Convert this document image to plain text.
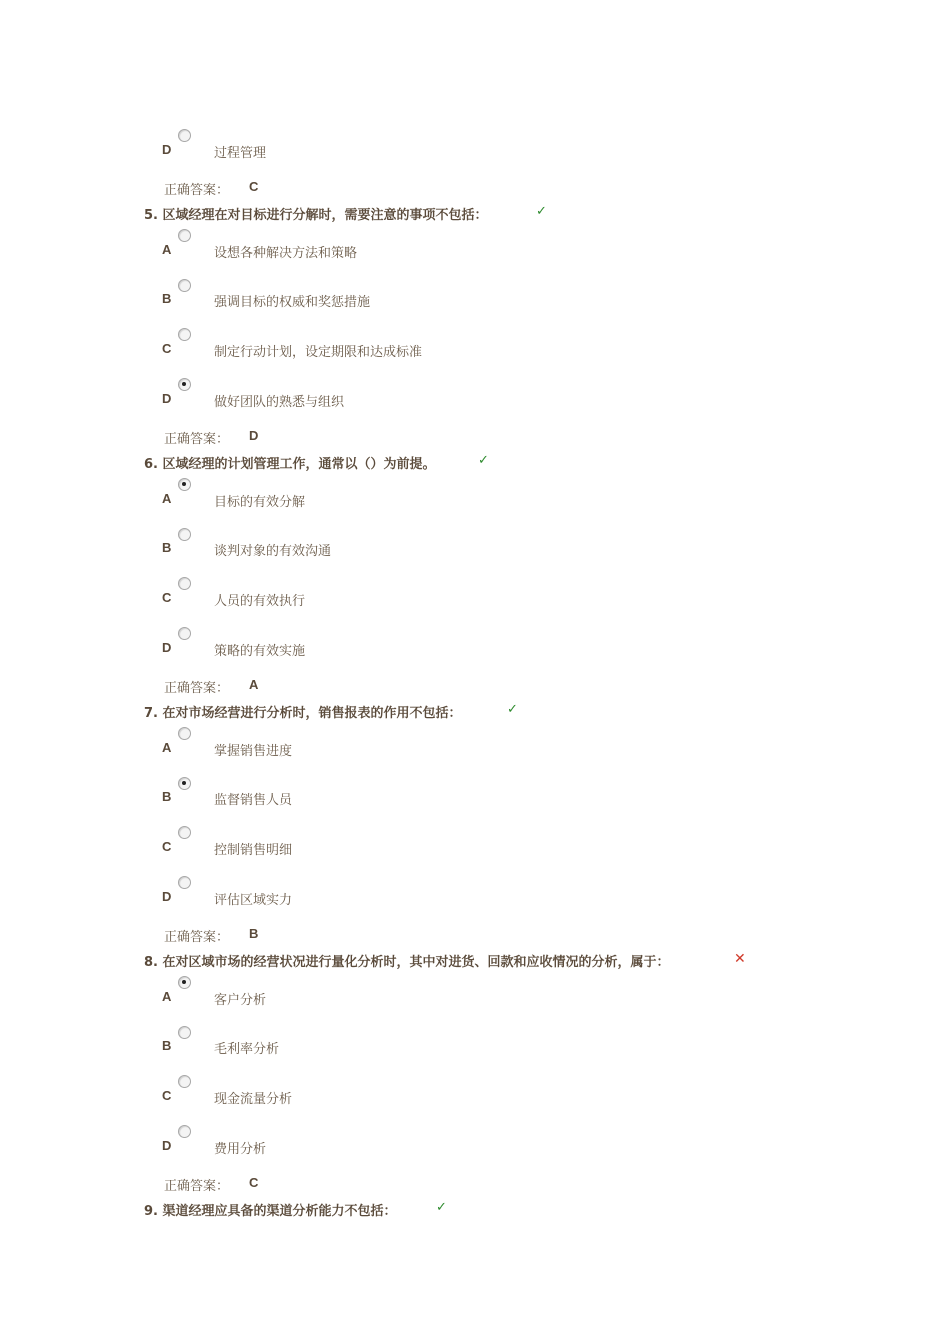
D	过程管理
正确答案： C
5. 区域经理在对目标进行分解时，需要注意的事项不包括：	✓
A	设想各种解决方法和策略
B	强调目标的权威和奖惩措施
C	制定行动计划，设定期限和达成标准
D	做好团队的熟悉与组织
正确答案： D
6. 区域经理的计划管理工作，通常以（）为前提。	✓
A	目标的有效分解
B	谈判对象的有效沟通
C	人员的有效执行
D	策略的有效实施
正确答案： A
7. 在对市场经营进行分析时，销售报表的作用不包括：	✓
A	掌握销售进度
B	监督销售人员
C	控制销售明细
D	评估区域实力
正确答案： B
8. 在对区域市场的经营状况进行量化分析时，其中对进货、回款和应收情况的分析，属于：	✕
A	客户分析
B	毛利率分析
C	现金流量分析
D	费用分析
正确答案： C
9. 渠道经理应具备的渠道分析能力不包括：	✓
